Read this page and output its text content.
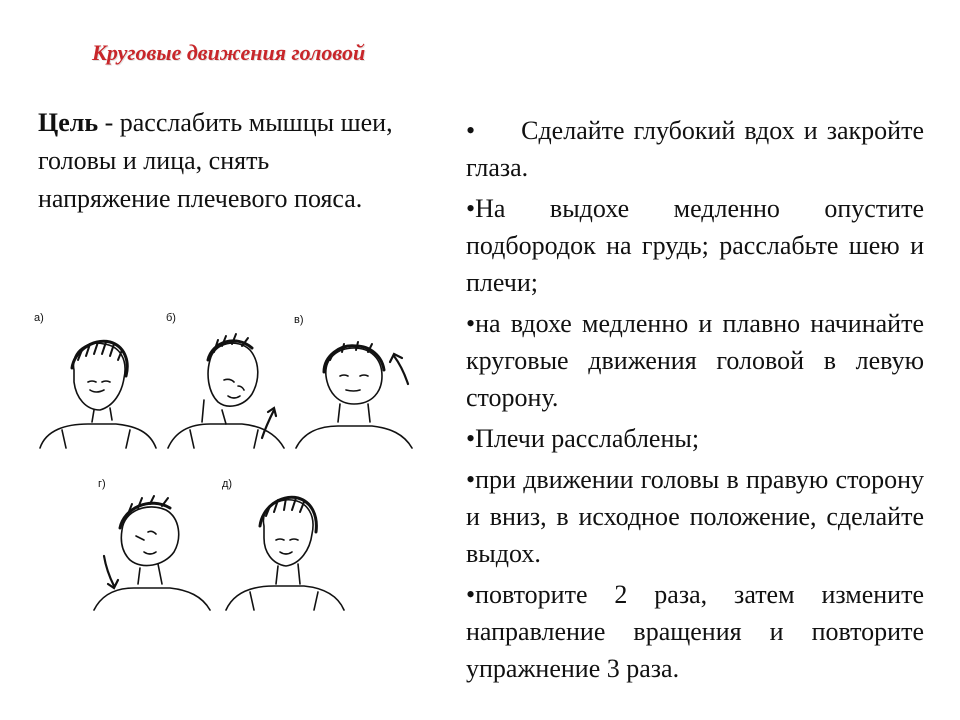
Круговые движения головой
Цель - расслабить мышцы шеи, головы и лица, снять напряжение плечевого пояса.
а)	б)	в)
г)	д)
• Сделайте глубокий вдох и закройте глаза.
•На выдохе медленно опустите подбородок на грудь; расслабьте шею и плечи;
•на вдохе медленно и плавно начинайте круговые движения головой в левую сторону.
•Плечи расслаблены;
•при движении головы в правую сторону и вниз, в исходное положение, сделайте выдох.
•повторите 2 раза, затем измените направление вращения и повторите упражнение 3 раза.
